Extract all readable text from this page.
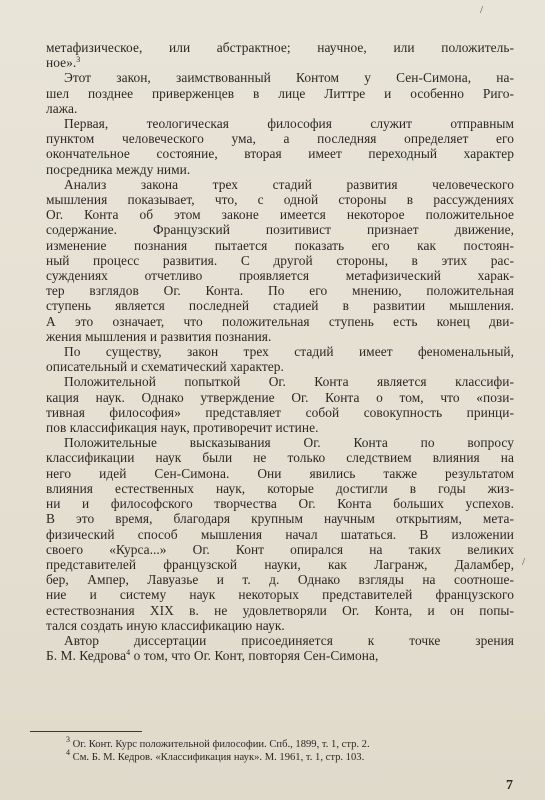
метафизическое, или абстрактное; научное, или положитель-
ное».$^3$
Этот закон, заимствованный Контом у Сен-Симона, на-
шел позднее приверженцев в лице Литтре и особенно Риго-
лажа.
Первая, теологическая философия служит отправным
пунктом человеческого ума, а последняя определяет его
окончательное состояние, вторая имеет переходный характер
посредника между ними.
Анализ закона трех стадий развития человеческого
мышления показывает, что, с одной стороны в рассуждениях
Ог. Конта об этом законе имеется некоторое положительное
содержание. Французский позитивист признает движение,
изменение познания пытается показать его как постоян-
ный процесс развития. С другой стороны, в этих рас-
суждениях отчетливо проявляется метафизический харак-
тер взглядов Ог. Конта. По его мнению, положительная
ступень является последней стадией в развитии мышления.
А это означает, что положительная ступень есть конец дви-
жения мышления и развития познания.
По существу, закон трех стадий имеет феноменальный,
описательный и схематический характер.
Положительной попыткой Ог. Конта является классифи-
кация наук. Однако утверждение Ог. Конта о том, что «пози-
тивная философия» представляет собой совокупность принци-
пов классификация наук, противоречит истине.
Положительные высказывания Ог. Конта по вопросу
классификации наук были не только следствием влияния на
него идей Сен-Симона. Они явились также результатом
влияния естественных наук, которые достигли в годы жиз-
ни и философского творчества Ог. Конта больших успехов.
В это время, благодаря крупным научным открытиям, мета-
физический способ мышления начал шататься. В изложении
своего «Курса...» Ог. Конт опирался на таких великих
представителей французской науки, как Лагранж, Даламбер,
бер, Ампер, Лавуазье и т. д. Однако взгляды на соотноше-
ние и систему наук некоторых представителей французского
естествознания XIX в. не удовлетворяли Ог. Конта, и он попы-
тался создать иную классификацию наук.
Автор диссертации присоединяется к точке зрения
Б. М. Кедрова$^4$ о том, что Ог. Конт, повторяя Сен-Симона,
$^3$ Ог. Конт. Курс положительной философии. Спб., 1899, т. 1, стр. 2.
$^4$ См. Б. М. Кедров. «Классификация наук». М. 1961, т. 1, стр. 103.
7
/
/
